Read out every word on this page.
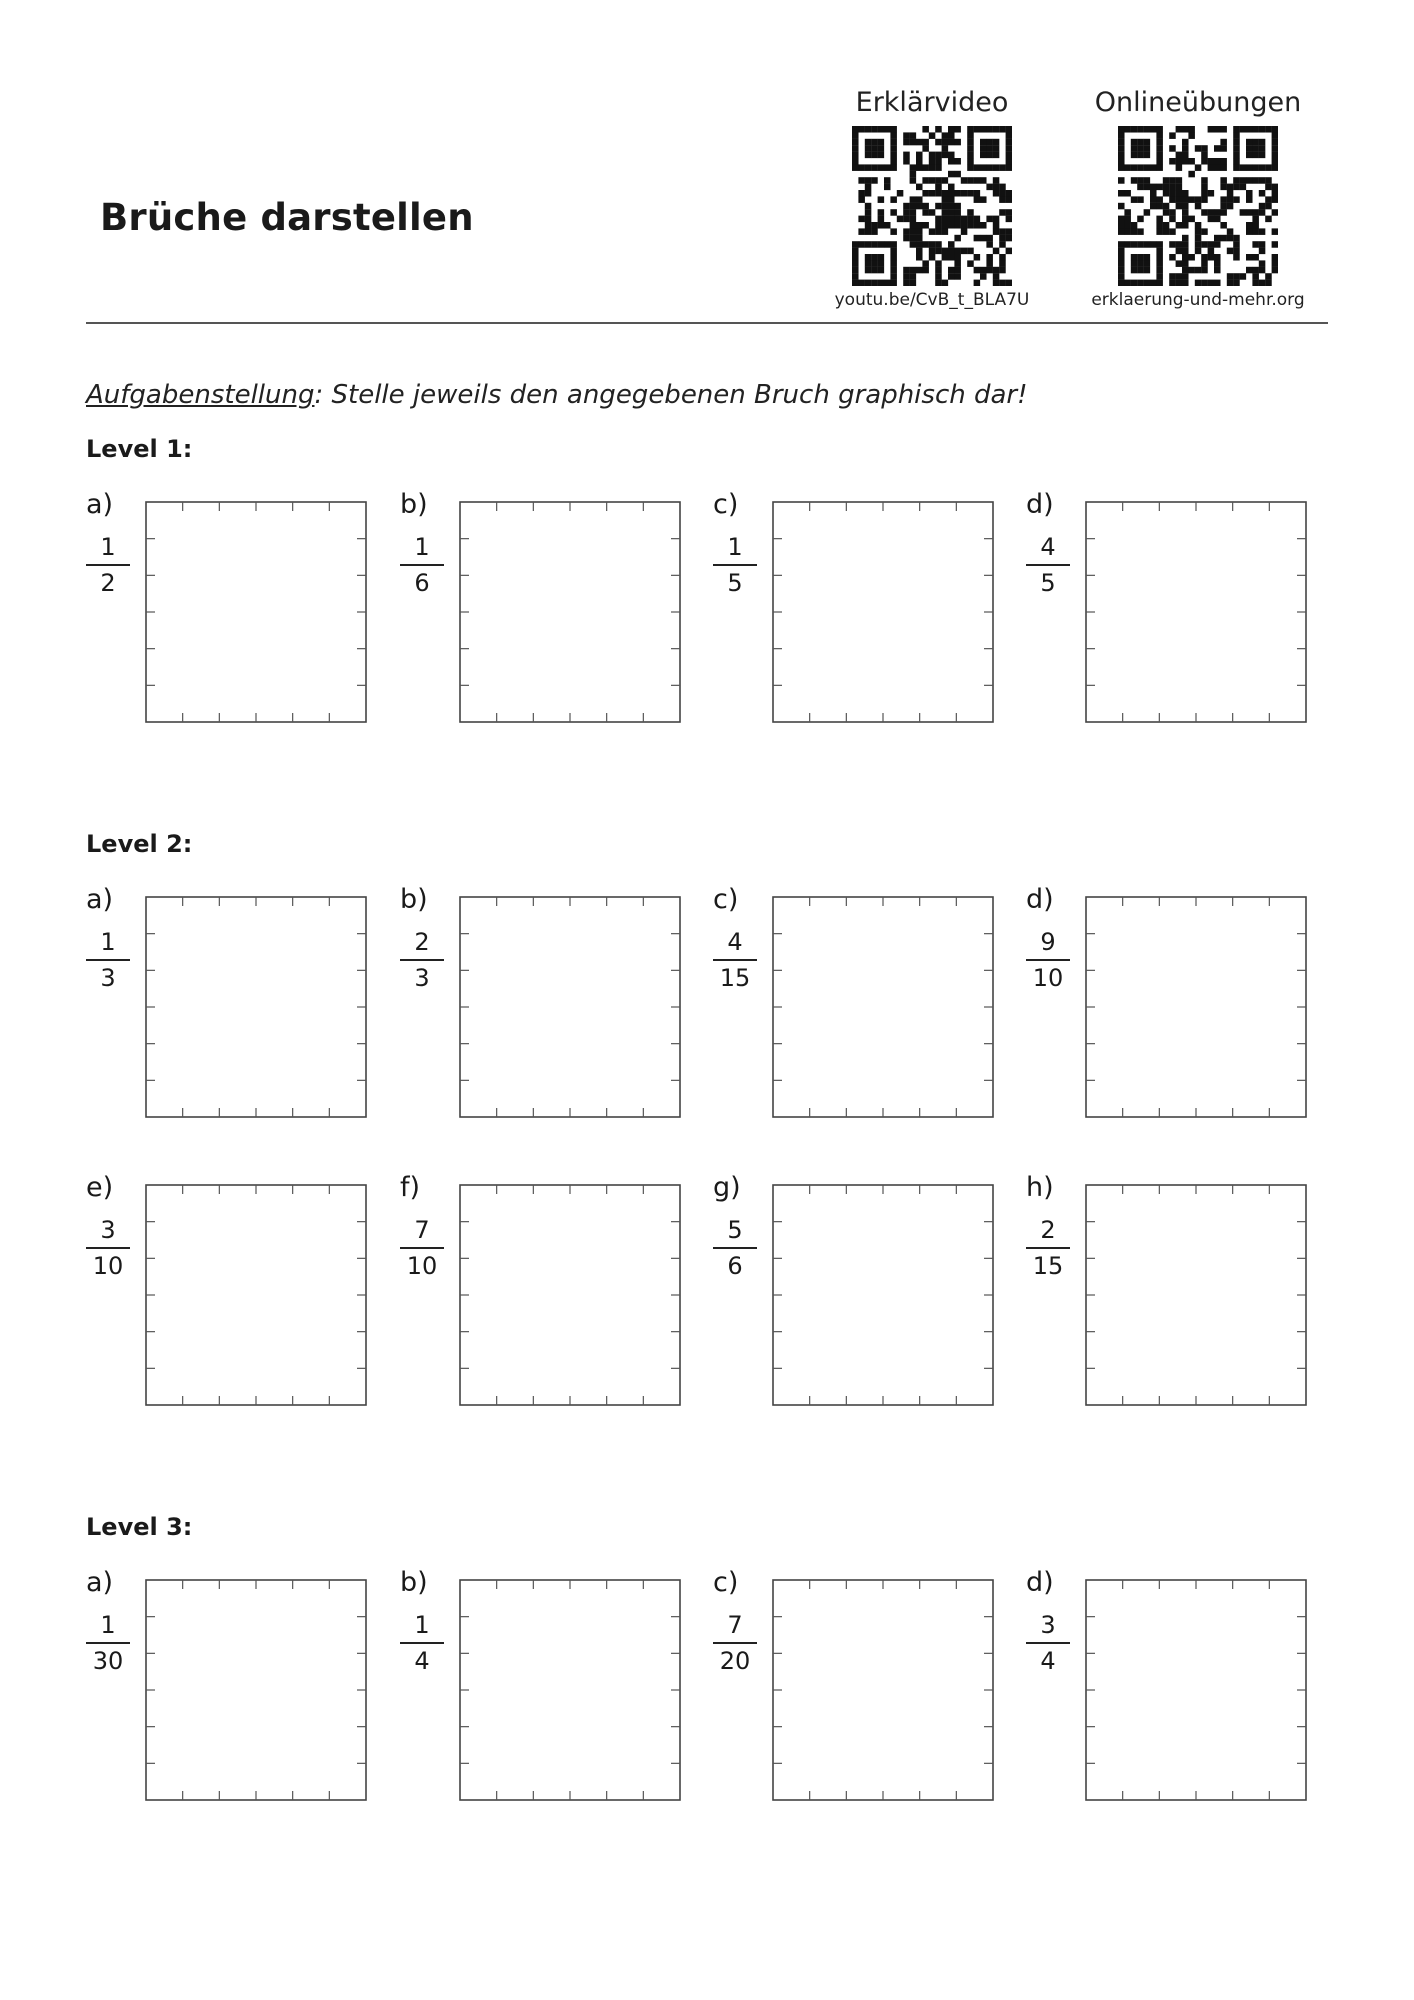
Brüche darstellen
Erklärvideo
youtu.be/CvB_t_BLA7U
Onlineübungen
erklaerung-und-mehr.org
Aufgabenstellung: Stelle jeweils den angegebenen Bruch graphisch dar!
Level 1:
a)
1
2
b)
1
6
c)
1
5
d)
4
5
Level 2:
a)
1
3
b)
2
3
c)
4
15
d)
9
10
e)
3
10
f)
7
10
g)
5
6
h)
2
15
Level 3:
a)
1
30
b)
1
4
c)
7
20
d)
3
4
